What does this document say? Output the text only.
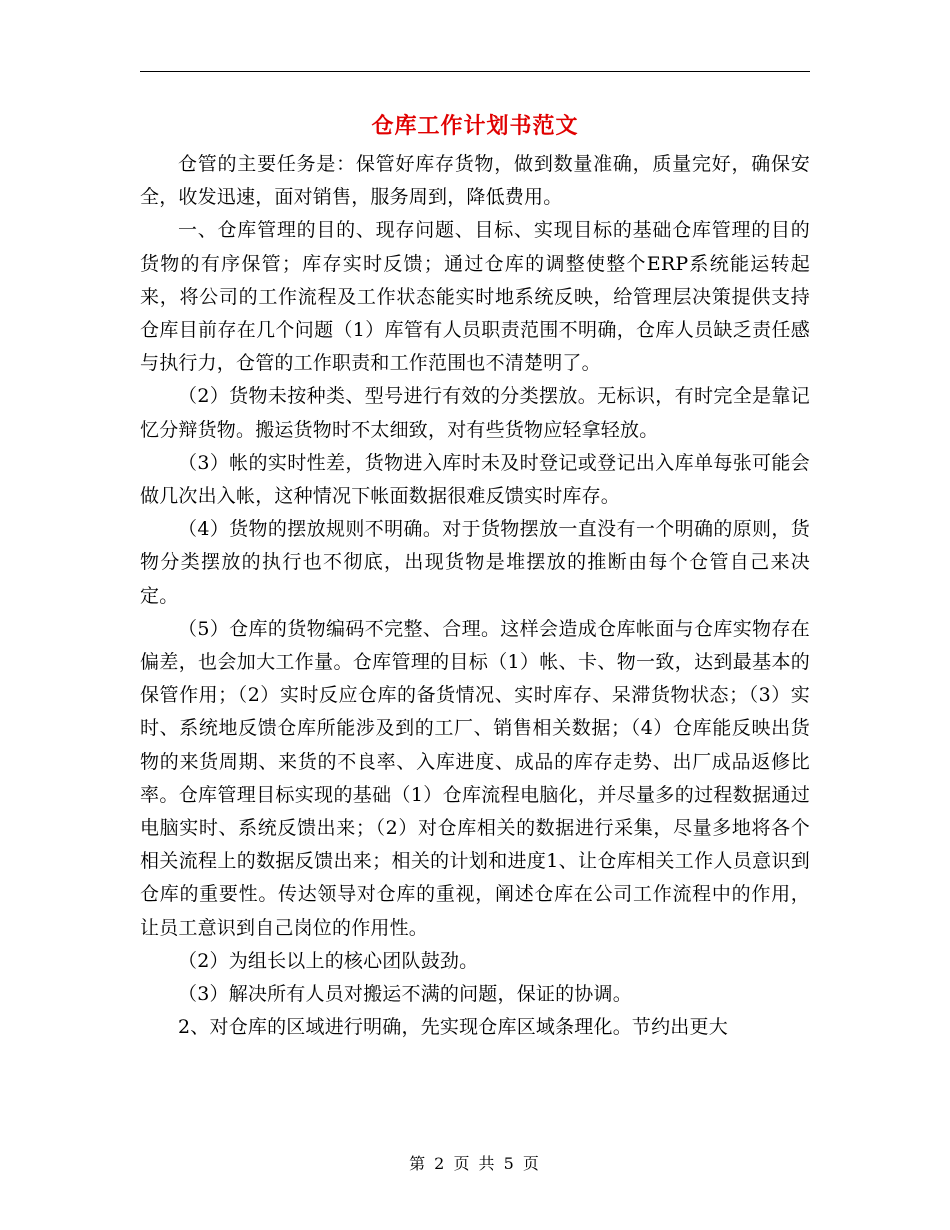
仓库工作计划书范文

仓管的主要任务是：保管好库存货物，做到数量准确，质量完好，确保安全，收发迅速，面对销售，服务周到，降低费用。

一、仓库管理的目的、现存问题、目标、实现目标的基础仓库管理的目的货物的有序保管；库存实时反馈；通过仓库的调整使整个ERP系统能运转起来，将公司的工作流程及工作状态能实时地系统反映，给管理层决策提供支持仓库目前存在几个问题（1）库管有人员职责范围不明确，仓库人员缺乏责任感与执行力，仓管的工作职责和工作范围也不清楚明了。

（2）货物未按种类、型号进行有效的分类摆放。无标识，有时完全是靠记忆分辩货物。搬运货物时不太细致，对有些货物应轻拿轻放。

（3）帐的实时性差，货物进入库时未及时登记或登记出入库单每张可能会做几次出入帐，这种情况下帐面数据很难反馈实时库存。

（4）货物的摆放规则不明确。对于货物摆放一直没有一个明确的原则，货物分类摆放的执行也不彻底，出现货物是堆摆放的推断由每个仓管自己来决定。

（5）仓库的货物编码不完整、合理。这样会造成仓库帐面与仓库实物存在偏差，也会加大工作量。仓库管理的目标（1）帐、卡、物一致，达到最基本的保管作用；（2）实时反应仓库的备货情况、实时库存、呆滞货物状态；（3）实时、系统地反馈仓库所能涉及到的工厂、销售相关数据；（4）仓库能反映出货物的来货周期、来货的不良率、入库进度、成品的库存走势、出厂成品返修比率。仓库管理目标实现的基础（1）仓库流程电脑化，并尽量多的过程数据通过电脑实时、系统反馈出来；（2）对仓库相关的数据进行采集，尽量多地将各个相关流程上的数据反馈出来；相关的计划和进度1、让仓库相关工作人员意识到仓库的重要性。传达领导对仓库的重视，阐述仓库在公司工作流程中的作用，让员工意识到自己岗位的作用性。

（2）为组长以上的核心团队鼓劲。

（3）解决所有人员对搬运不满的问题，保证的协调。

2、对仓库的区域进行明确，先实现仓库区域条理化。节约出更大

第 2 页 共 5 页
